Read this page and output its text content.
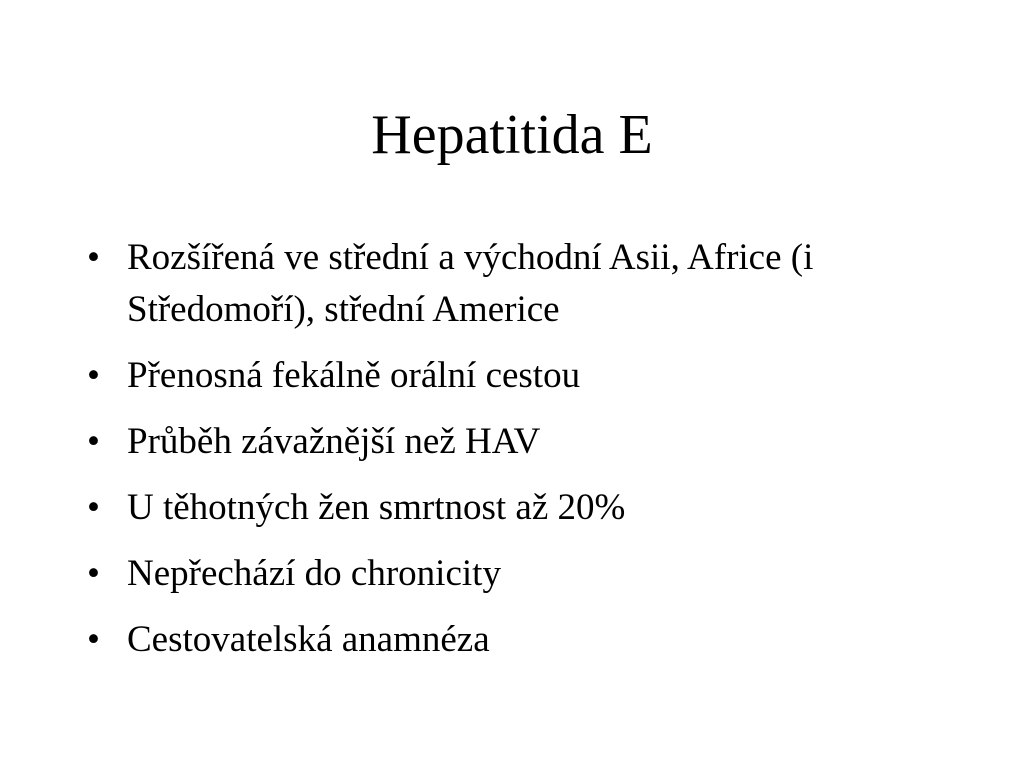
Hepatitida E
• Rozšířená ve střední a východní Asii, Africe (i Středomoří), střední Americe
• Přenosná fekálně orální cestou
• Průběh závažnější než HAV
• U těhotných žen smrtnost až 20%
• Nepřechází do chronicity
• Cestovatelská anamnéza
